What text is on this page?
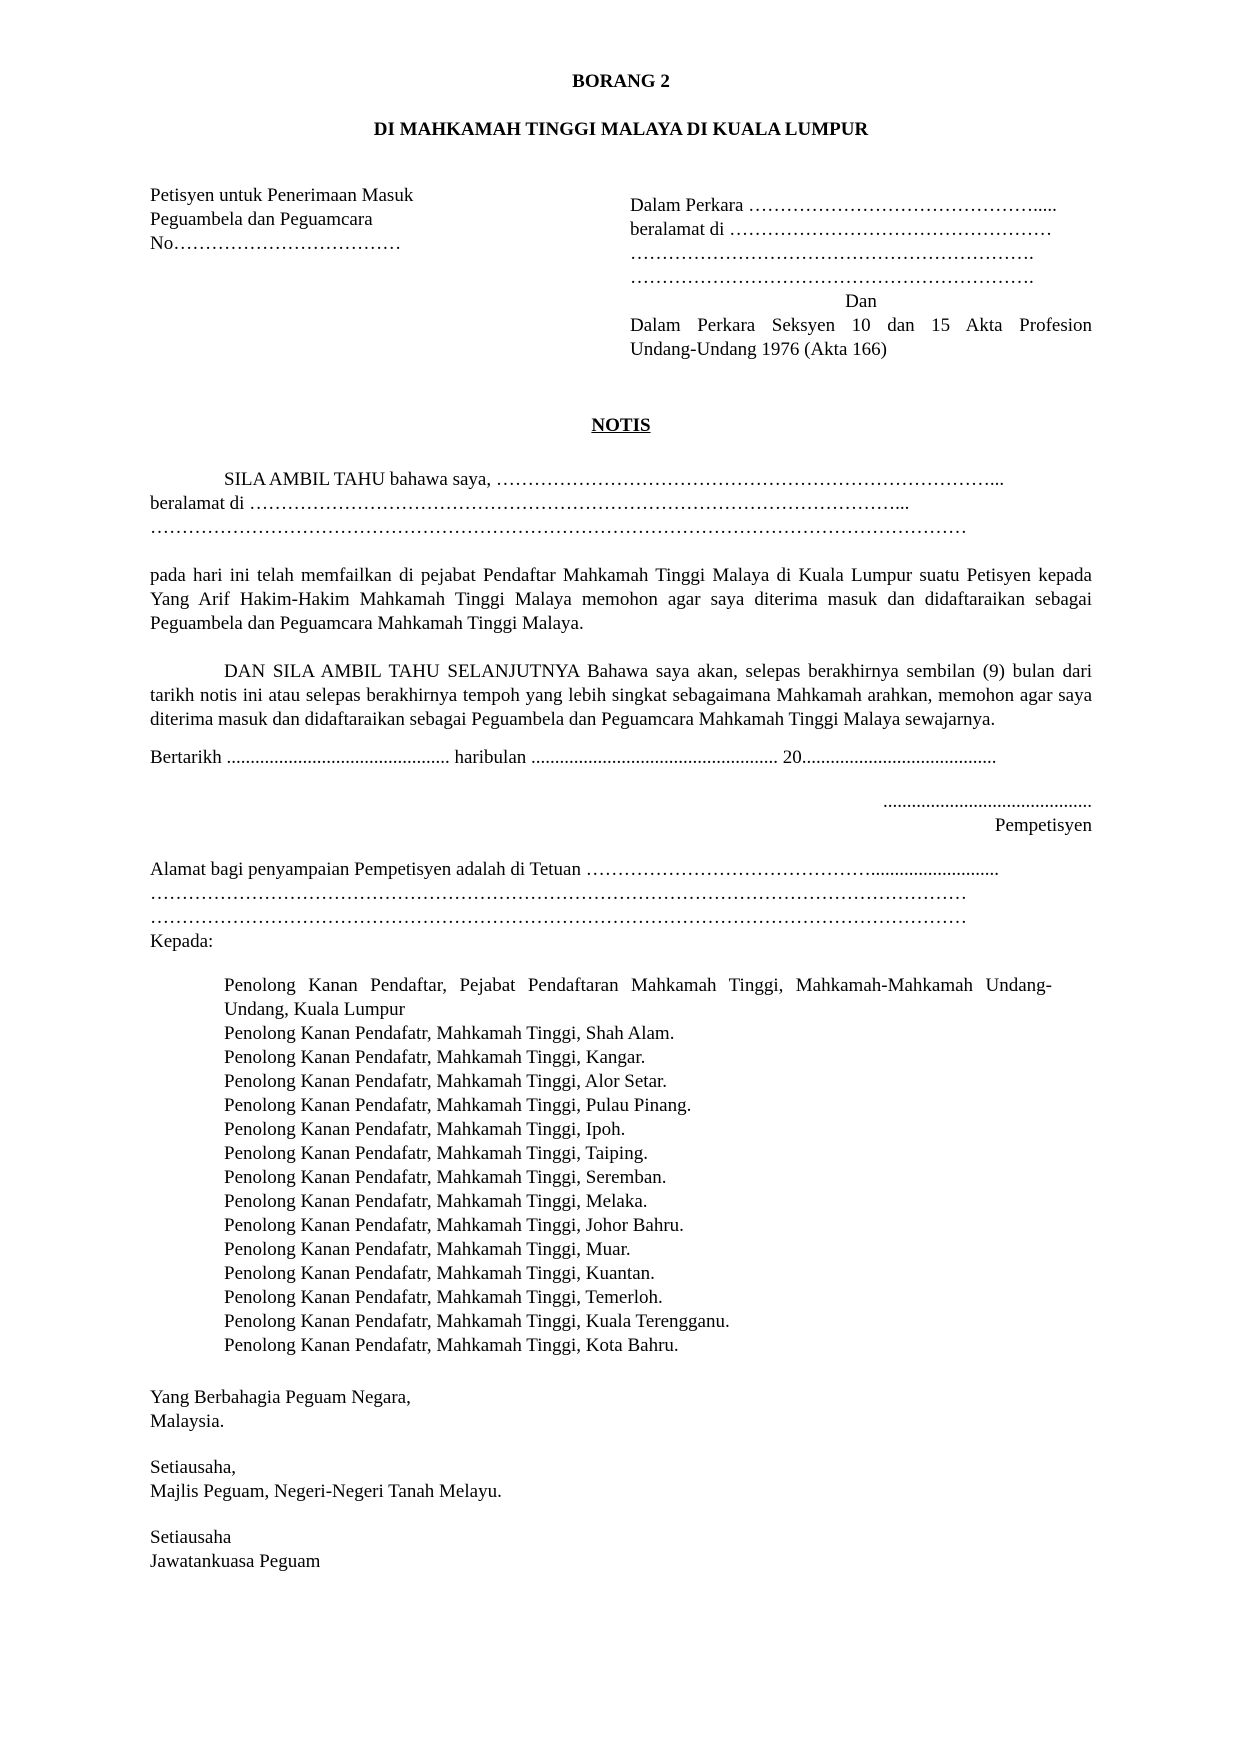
BORANG 2
DI MAHKAMAH TINGGI MALAYA DI KUALA LUMPUR
Petisyen untuk Penerimaan Masuk
Peguambela dan Peguamcara
No………………………………
Dalam Perkara ……………………………………….....
beralamat di ……………………………………………
……………………………………………………….
……………………………………………………….
Dan
Dalam Perkara Seksyen 10 dan 15 Akta Profesion
Undang-Undang 1976 (Akta 166)
NOTIS
SILA AMBIL TAHU bahawa saya, ……………………………………………………………………...
beralamat di …………………………………………………………………………………………...
…………………………………………………………………………………………………………………
pada hari ini telah memfailkan di pejabat Pendaftar Mahkamah Tinggi Malaya di Kuala Lumpur suatu Petisyen kepada Yang Arif Hakim-Hakim Mahkamah Tinggi Malaya memohon agar saya diterima masuk dan didaftaraikan sebagai Peguambela dan Peguamcara Mahkamah Tinggi Malaya.
DAN SILA AMBIL TAHU SELANJUTNYA Bahawa saya akan, selepas berakhirnya sembilan (9) bulan dari tarikh notis ini atau selepas berakhirnya tempoh yang lebih singkat sebagaimana Mahkamah arahkan, memohon agar saya diterima masuk dan didaftaraikan sebagai Peguambela dan Peguamcara Mahkamah Tinggi Malaya sewajarnya.
Bertarikh ............................................... haribulan .................................................... 20.........................................
............................................
Pempetisyen
Alamat bagi penyampaian Pempetisyen adalah di Tetuan ………………………………………...........................
…………………………………………………………………………………………………………………
…………………………………………………………………………………………………………………
Kepada:
Penolong Kanan Pendaftar, Pejabat Pendaftaran Mahkamah Tinggi, Mahkamah-Mahkamah Undang-Undang, Kuala Lumpur
Penolong Kanan Pendafatr, Mahkamah Tinggi, Shah Alam.
Penolong Kanan Pendafatr, Mahkamah Tinggi, Kangar.
Penolong Kanan Pendafatr, Mahkamah Tinggi, Alor Setar.
Penolong Kanan Pendafatr, Mahkamah Tinggi, Pulau Pinang.
Penolong Kanan Pendafatr, Mahkamah Tinggi, Ipoh.
Penolong Kanan Pendafatr, Mahkamah Tinggi, Taiping.
Penolong Kanan Pendafatr, Mahkamah Tinggi, Seremban.
Penolong Kanan Pendafatr, Mahkamah Tinggi, Melaka.
Penolong Kanan Pendafatr, Mahkamah Tinggi, Johor Bahru.
Penolong Kanan Pendafatr, Mahkamah Tinggi, Muar.
Penolong Kanan Pendafatr, Mahkamah Tinggi, Kuantan.
Penolong Kanan Pendafatr, Mahkamah Tinggi, Temerloh.
Penolong Kanan Pendafatr, Mahkamah Tinggi, Kuala Terengganu.
Penolong Kanan Pendafatr, Mahkamah Tinggi, Kota Bahru.
Yang Berbahagia Peguam Negara,
Malaysia.
Setiausaha,
Majlis Peguam, Negeri-Negeri Tanah Melayu.
Setiausaha
Jawatankuasa Peguam
